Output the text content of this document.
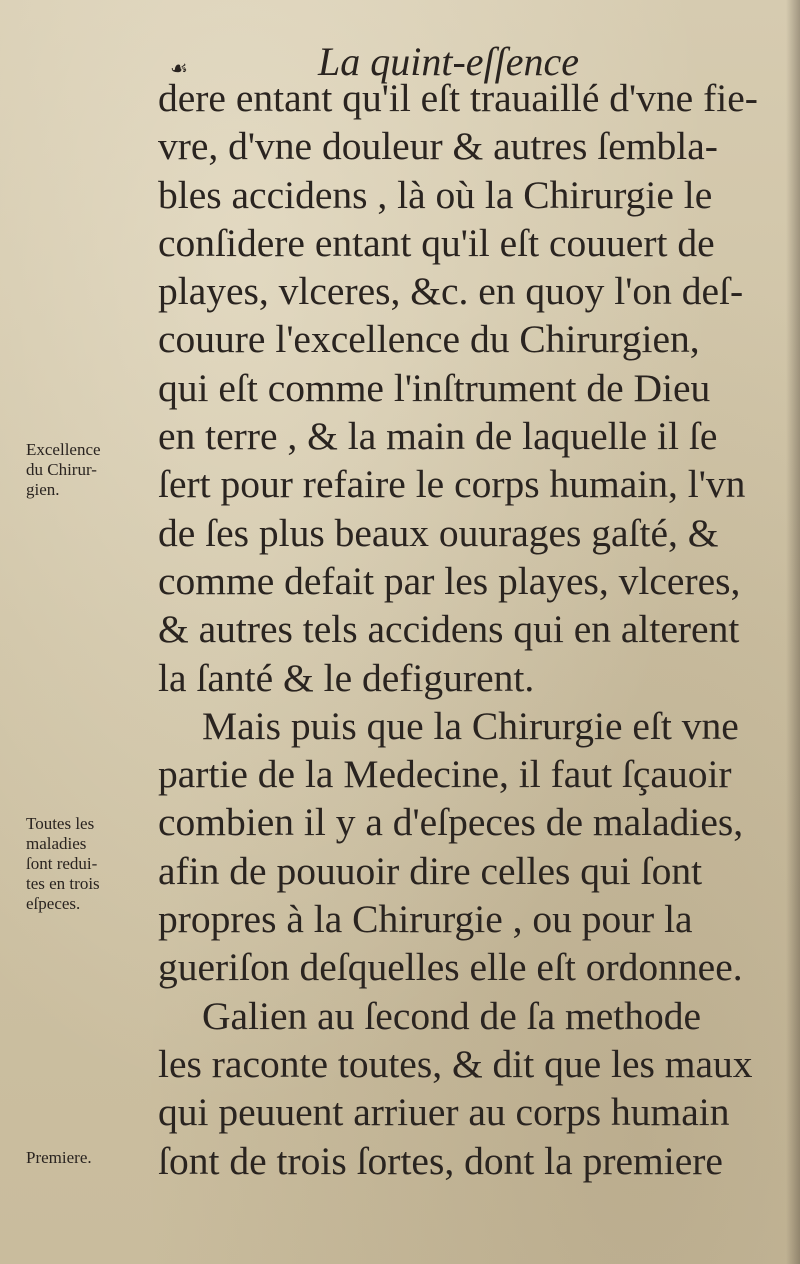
☙	La quint-eſſence
dere entant qu'il eſt trauaillé d'vne fie-
vre, d'vne douleur & autres ſembla-
bles accidens , là où la Chirurgie le
conſidere entant qu'il eſt couuert de
playes, vlceres, &c. en quoy l'on deſ-
couure l'excellence du Chirurgien,
qui eſt comme l'inſtrument de Dieu
en terre , & la main de laquelle il ſe
ſert pour refaire le corps humain, l'vn
de ſes plus beaux ouurages gaſté, &
comme defait par les playes, vlceres,
& autres tels accidens qui en alterent
la ſanté & le defigurent.
Mais puis que la Chirurgie eſt vne
partie de la Medecine, il faut ſçauoir
combien il y a d'eſpeces de maladies,
afin de pouuoir dire celles qui ſont
propres à la Chirurgie , ou pour la
gueriſon deſquelles elle eſt ordonnee.
Galien au ſecond de ſa methode
les raconte toutes, & dit que les maux
qui peuuent arriuer au corps humain
ſont de trois ſortes, dont la premiere
Excellence
du Chirur-
gien.
Toutes les
maladies
ſont redui-
tes en trois
eſpeces.
Premiere.
